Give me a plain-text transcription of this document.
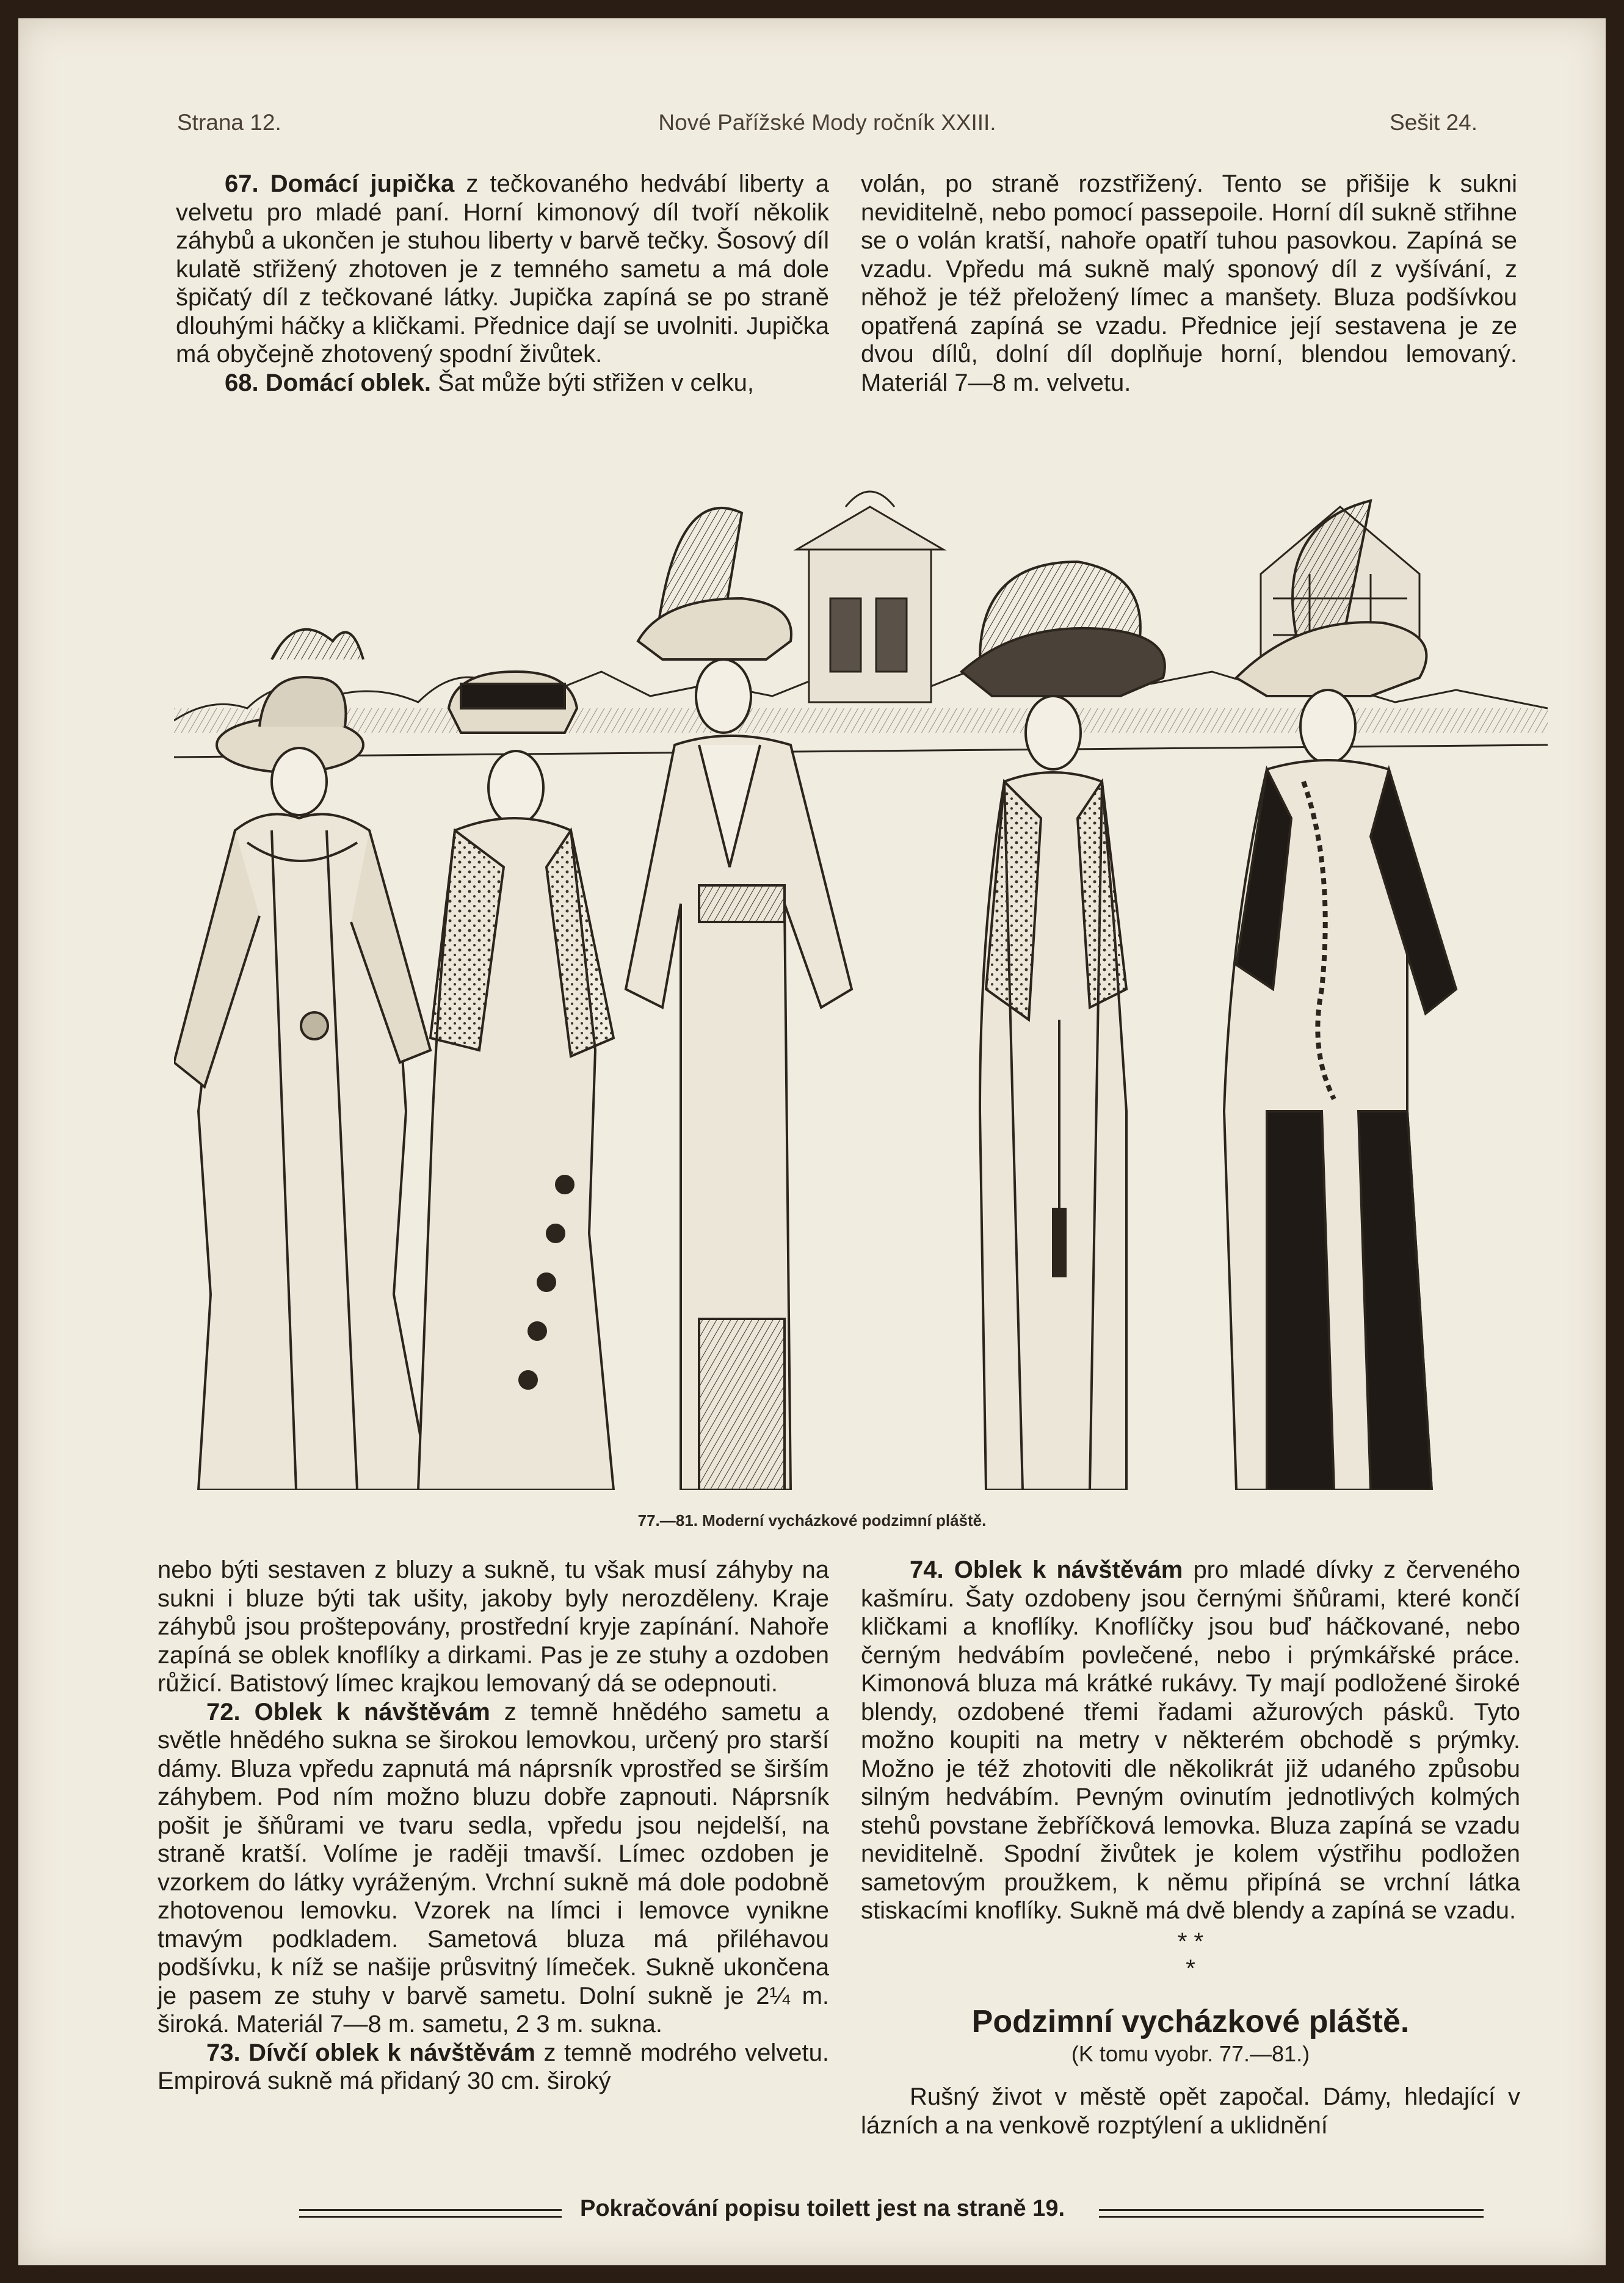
Strana 12.	Nové Pařížské Mody ročník XXIII.	Sešit 24.

67. Domácí jupička z tečkovaného hedvábí liberty a velvetu pro mladé paní. Horní kimonový díl tvoří několik záhybů a ukončen je stuhou liberty v barvě tečky. Šosový díl kulatě střižený zhotoven je z temného sametu a má dole špičatý díl z tečkované látky. Jupička zapíná se po straně dlouhými háčky a kličkami. Přednice dají se uvolniti. Jupička má obyčejně zhotovený spodní živůtek.

68. Domácí oblek. Šat může býti střižen v celku,

volán, po straně rozstřižený. Tento se přišije k sukni neviditelně, nebo pomocí passepoile. Horní díl sukně střihne se o volán kratší, nahoře opatří tuhou pasovkou. Zapíná se vzadu. Vpředu má sukně malý sponový díl z vyšívání, z něhož je též přeložený límec a manšety. Bluza podšívkou opatřená zapíná se vzadu. Přednice její sestavena je ze dvou dílů, dolní díl doplňuje horní, blendou lemovaný. Materiál 7—8 m. velvetu.

77.—81. Moderní vycházkové podzimní pláště.

nebo býti sestaven z bluzy a sukně, tu však musí záhyby na sukni i bluze býti tak ušity, jakoby byly nerozděleny. Kraje záhybů jsou proštepovány, prostřední kryje zapínání. Nahoře zapíná se oblek knoflíky a dirkami. Pas je ze stuhy a ozdoben růžicí. Batistový límec krajkou lemovaný dá se odepnouti.

72. Oblek k návštěvám z temně hnědého sametu a světle hnědého sukna se širokou lemovkou, určený pro starší dámy. Bluza vpředu zapnutá má náprsník vprostřed se širším záhybem. Pod ním možno bluzu dobře zapnouti. Náprsník pošit je šňůrami ve tvaru sedla, vpředu jsou nejdelší, na straně kratší. Volíme je raději tmavší. Límec ozdoben je vzorkem do látky vyráženým. Vrchní sukně má dole podobně zhotovenou lemovku. Vzorek na límci i lemovce vynikne tmavým podkladem. Sametová bluza má přiléhavou podšívku, k níž se našije průsvitný límeček. Sukně ukončena je pasem ze stuhy v barvě sametu. Dolní sukně je 2¼ m. široká. Materiál 7—8 m. sametu, 2 3 m. sukna.

73. Dívčí oblek k návštěvám z temně modrého velvetu. Empirová sukně má přidaný 30 cm. široký

74. Oblek k návštěvám pro mladé dívky z červeného kašmíru. Šaty ozdobeny jsou černými šňůrami, které končí kličkami a knoflíky. Knoflíčky jsou buď háčkované, nebo černým hedvábím povlečené, nebo i prýmkářské práce. Kimonová bluza má krátké rukávy. Ty mají podložené široké blendy, ozdobené třemi řadami ažurových pásků. Tyto možno koupiti na metry v některém obchodě s prýmky. Možno je též zhotoviti dle několikrát již udaného způsobu silným hedvábím. Pevným ovinutím jednotlivých kolmých stehů povstane žebříčková lemovka. Bluza zapíná se vzadu neviditelně. Spodní živůtek je kolem výstřihu podložen sametovým proužkem, k němu připíná se vrchní látka stiskacími knoflíky. Sukně má dvě blendy a zapíná se vzadu.

* *

*

Podzimní vycházkové pláště.

(K tomu vyobr. 77.—81.)

Rušný život v městě opět započal. Dámy, hledající v lázních a na venkově rozptýlení a uklidnění

Pokračování popisu toilett jest na straně 19.
